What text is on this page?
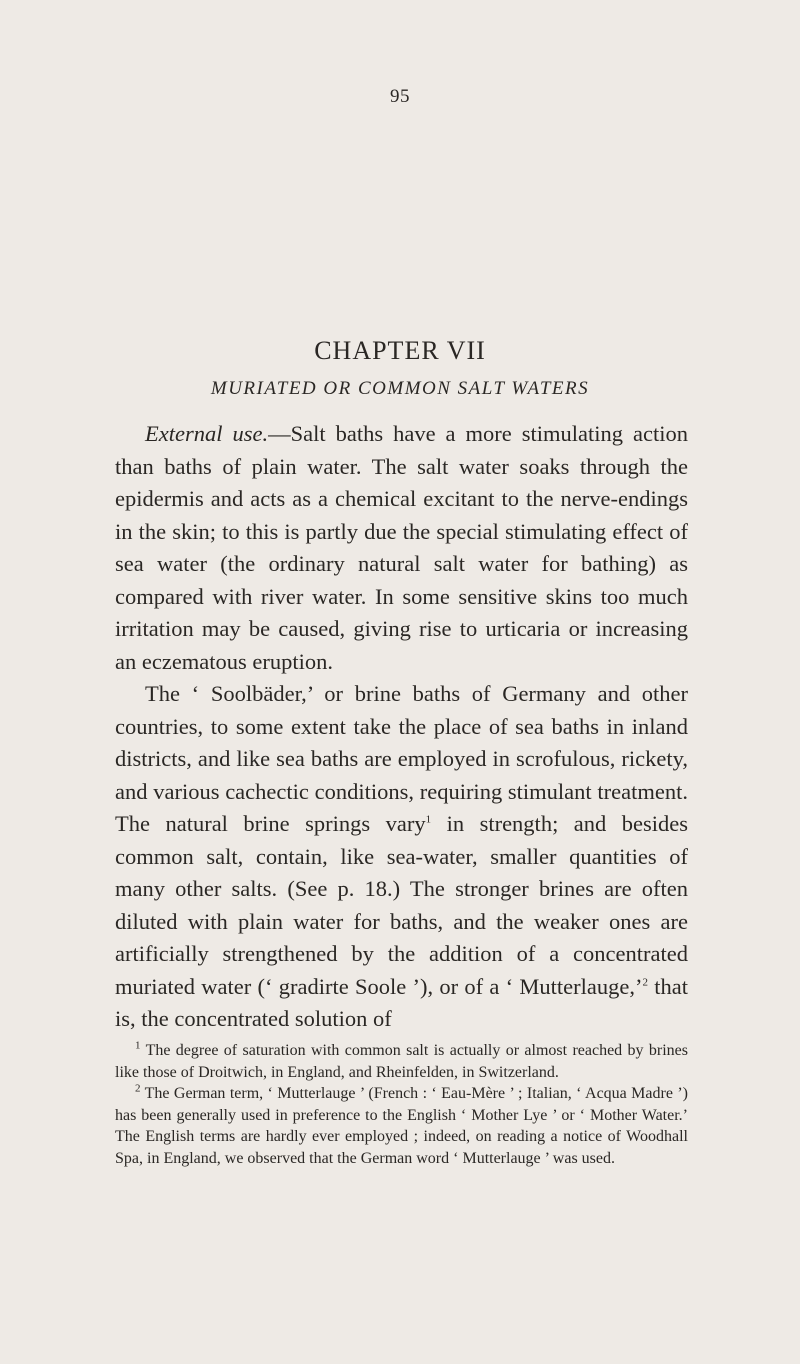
95
CHAPTER VII
MURIATED OR COMMON SALT WATERS

External use.—Salt baths have a more stimulating action than baths of plain water. The salt water soaks through the epidermis and acts as a chemical excitant to the nerve-endings in the skin; to this is partly due the special stimulating effect of sea water (the ordinary natural salt water for bathing) as compared with river water. In some sensitive skins too much irritation may be caused, giving rise to urticaria or increasing an eczematous eruption.

The ‘ Soolbäder,’ or brine baths of Germany and other countries, to some extent take the place of sea baths in inland districts, and like sea baths are employed in scrofulous, rickety, and various cachectic conditions, requiring stimulant treatment. The natural brine springs vary$^1$ in strength; and besides common salt, contain, like sea-water, smaller quantities of many other salts. (See p. 18.) The stronger brines are often diluted with plain water for baths, and the weaker ones are artificially strengthened by the addition of a concentrated muriated water (‘ gradirte Soole ’), or of a ‘ Mutterlauge,’$^2$ that is, the concentrated solution of

$^1$ The degree of saturation with common salt is actually or almost reached by brines like those of Droitwich, in England, and Rheinfelden, in Switzerland.

$^2$ The German term, ‘ Mutterlauge ’ (French : ‘ Eau-Mère ’ ; Italian, ‘ Acqua Madre ’) has been generally used in preference to the English ‘ Mother Lye ’ or ‘ Mother Water.’ The English terms are hardly ever employed ; indeed, on reading a notice of Woodhall Spa, in England, we observed that the German word ‘ Mutterlauge ’ was used.
